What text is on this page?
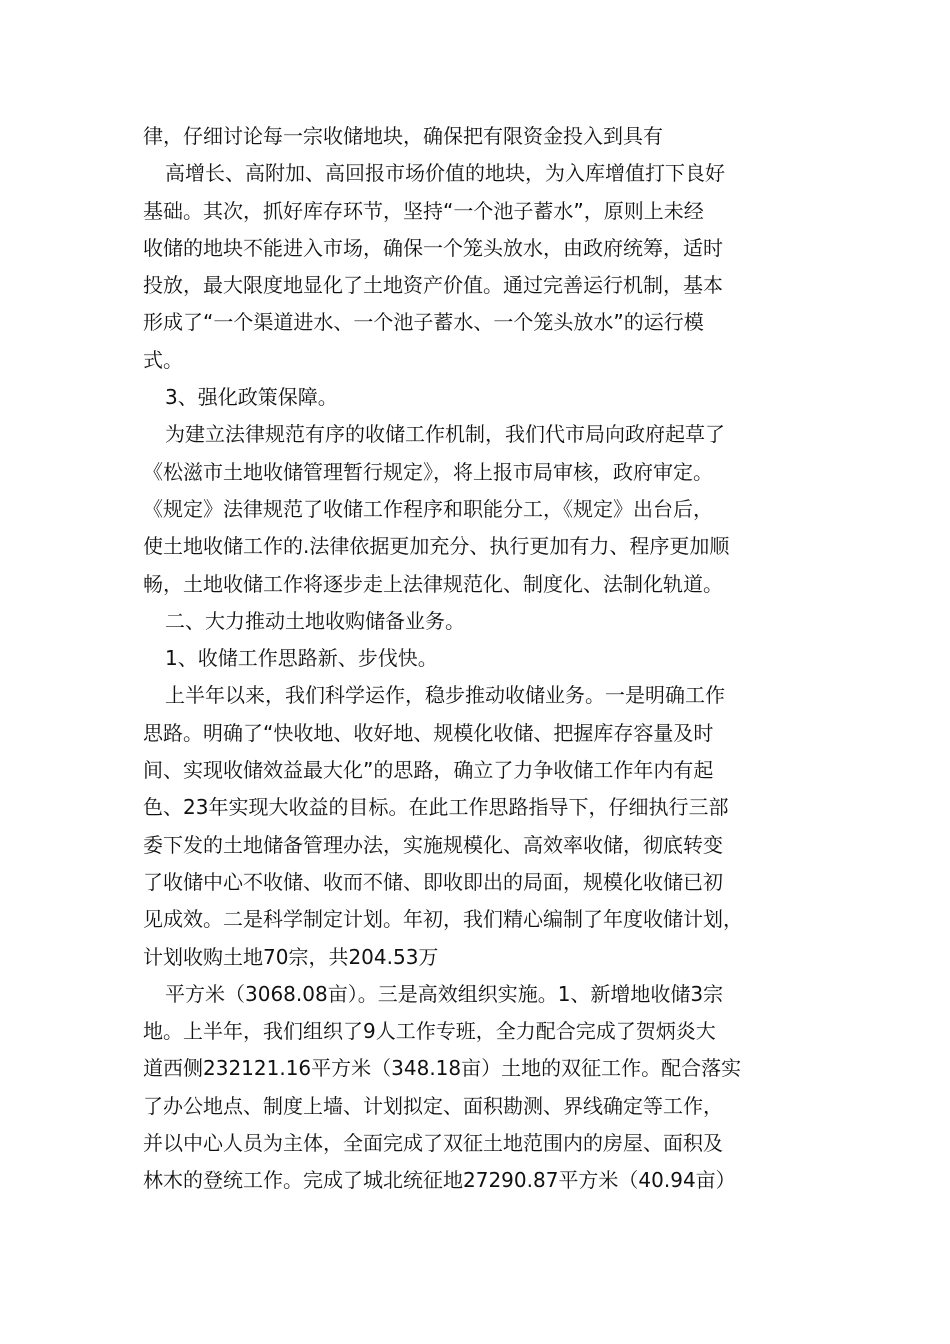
律，仔细讨论每一宗收储地块，确保把有限资金投入到具有
高增长、高附加、高回报市场价值的地块，为入库增值打下良好
基础。其次，抓好库存环节，坚持“一个池子蓄水”，原则上未经
收储的地块不能进入市场，确保一个笼头放水，由政府统筹，适时
投放，最大限度地显化了土地资产价值。通过完善运行机制，基本
形成了“一个渠道进水、一个池子蓄水、一个笼头放水”的运行模
式。
3、强化政策保障。
为建立法律规范有序的收储工作机制，我们代市局向政府起草了
《松滋市土地收储管理暂行规定》，将上报市局审核，政府审定。
《规定》法律规范了收储工作程序和职能分工，《规定》出台后，
使土地收储工作的.法律依据更加充分、执行更加有力、程序更加顺
畅，土地收储工作将逐步走上法律规范化、制度化、法制化轨道。
二、大力推动土地收购储备业务。
1、收储工作思路新、步伐快。
上半年以来，我们科学运作，稳步推动收储业务。一是明确工作
思路。明确了“快收地、收好地、规模化收储、把握库存容量及时
间、实现收储效益最大化”的思路，确立了力争收储工作年内有起
色、23年实现大收益的目标。在此工作思路指导下，仔细执行三部
委下发的土地储备管理办法，实施规模化、高效率收储，彻底转变
了收储中心不收储、收而不储、即收即出的局面，规模化收储已初
见成效。二是科学制定计划。年初，我们精心编制了年度收储计划，
计划收购土地70宗，共204.53万
平方米（3068.08亩）。三是高效组织实施。1、新增地收储3宗
地。上半年，我们组织了9人工作专班，全力配合完成了贺炳炎大
道西侧232121.16平方米（348.18亩）土地的双征工作。配合落实
了办公地点、制度上墙、计划拟定、面积勘测、界线确定等工作，
并以中心人员为主体，全面完成了双征土地范围内的房屋、面积及
林木的登统工作。完成了城北统征地27290.87平方米（40.94亩）
